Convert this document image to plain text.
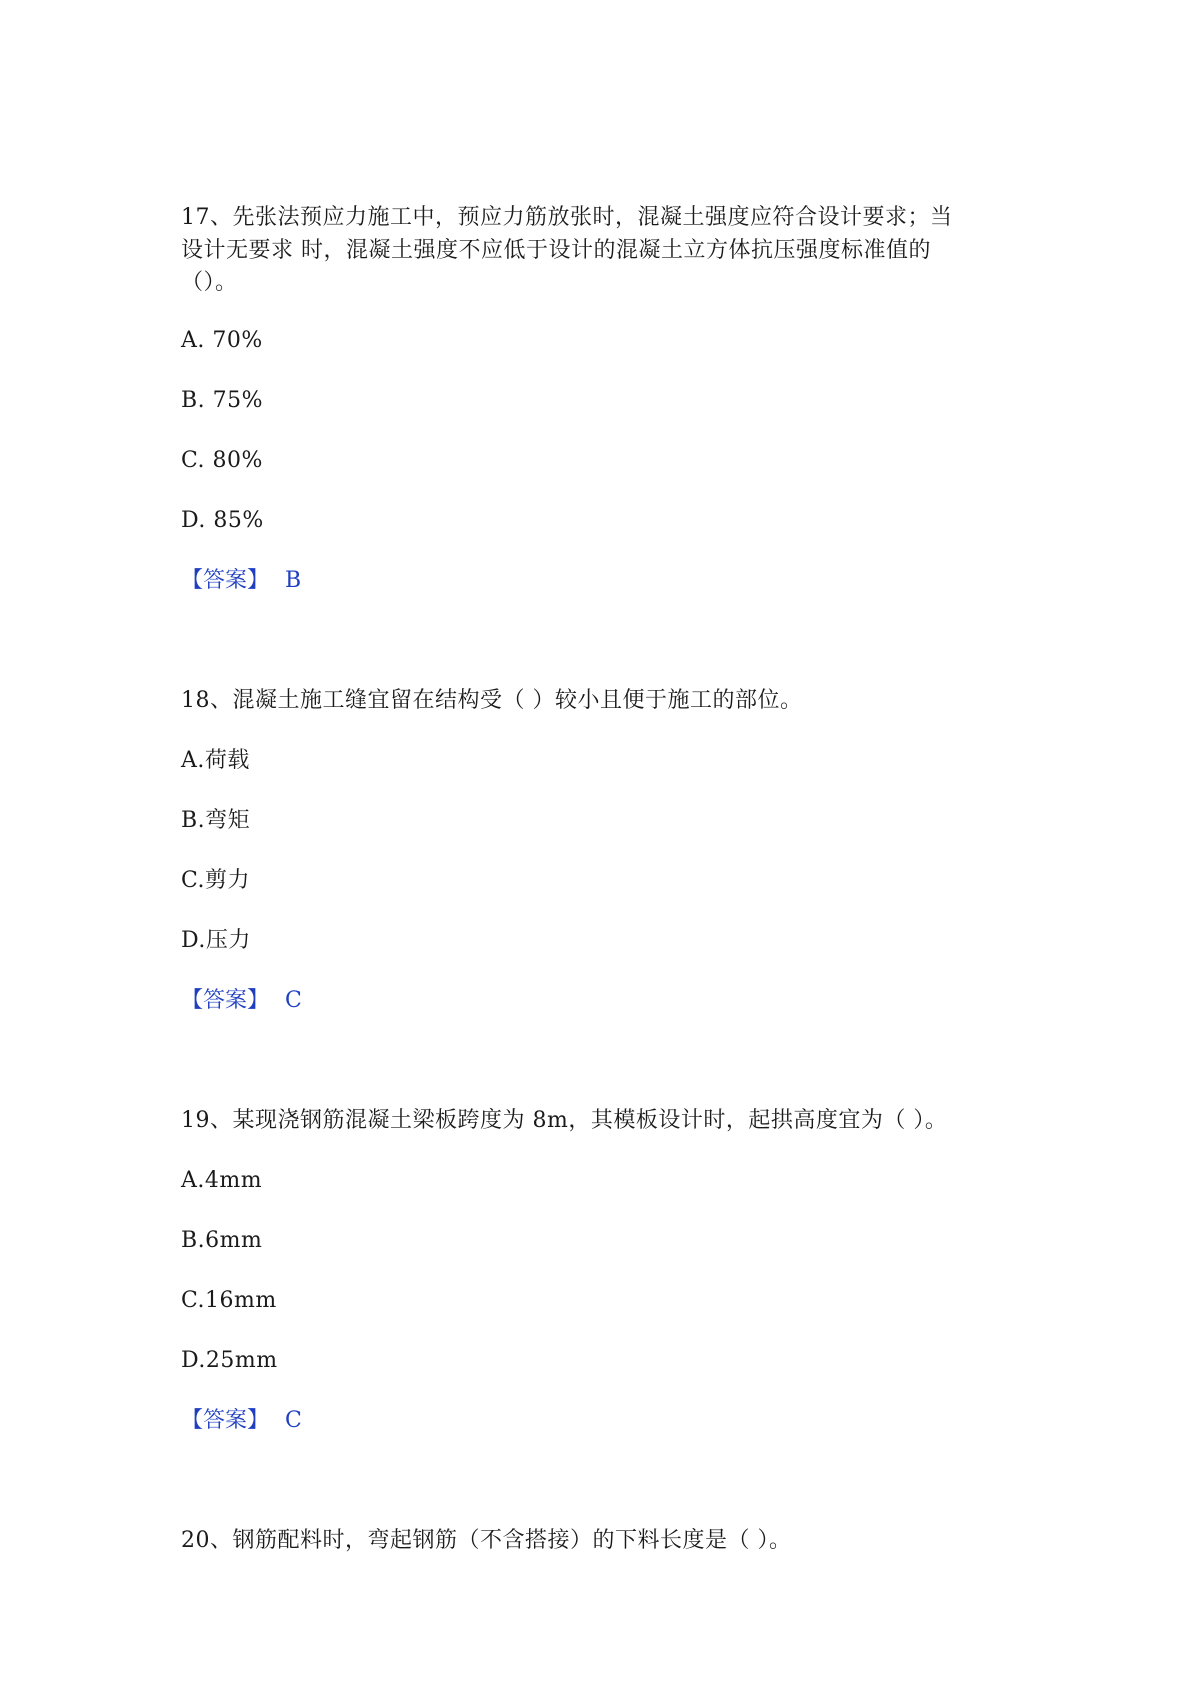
17、先张法预应力施工中，预应力筋放张时，混凝土强度应符合设计要求；当
设计无要求 时，混凝土强度不应低于设计的混凝土立方体抗压强度标准值的
（）。
A. 70%
B. 75%
C. 80%
D. 85%
【答案】 B
18、混凝土施工缝宜留在结构受（ ）较小且便于施工的部位。
A.荷载
B.弯矩
C.剪力
D.压力
【答案】 C
19、某现浇钢筋混凝土梁板跨度为 8m，其模板设计时，起拱高度宜为（ ）。
A.4mm
B.6mm
C.16mm
D.25mm
【答案】 C
20、钢筋配料时，弯起钢筋（不含搭接）的下料长度是（ ）。
